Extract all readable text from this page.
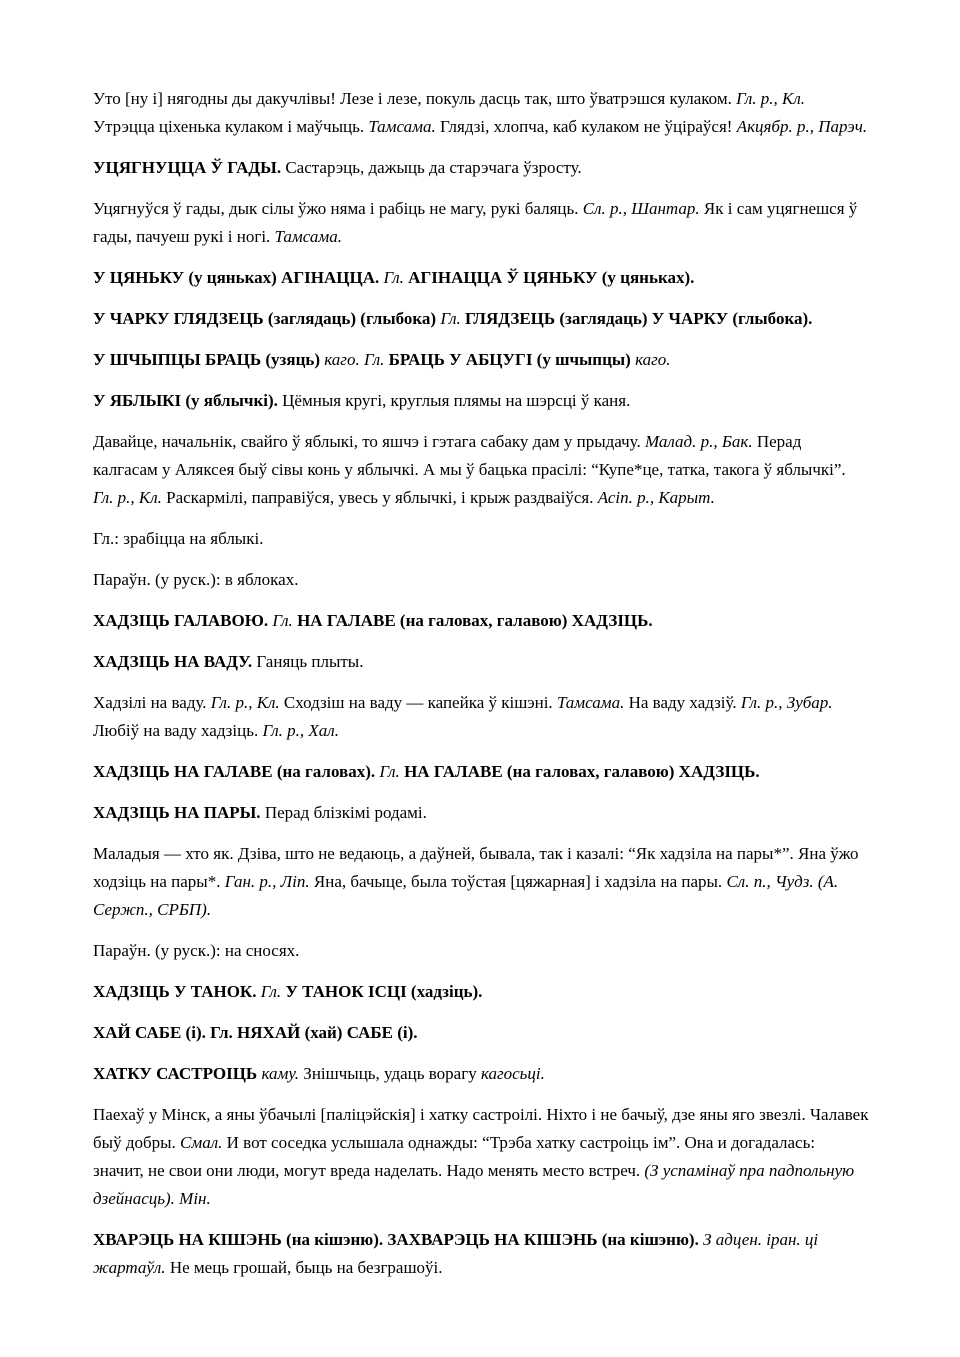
Уто [ну і] нягодны ды дакучлівы! Лезе і лезе, покуль дасць так, што ўватрэшся кулаком. Гл. р., Кл. Утрэцца ціхенька кулаком і маўчыць. Тамсама. Глядзі, хлопча, каб кулаком не ўціраўся! Акцябр. р., Парэч.

УЦЯГНУЦЦА Ў ГАДЫ. Састарэць, дажыць да старэчага ўзросту.

Уцягнуўся ў гады, дык сілы ўжо няма і рабіць не магу, рукі баляць. Сл. р., Шантар. Як і сам уцягнешся ў гады, пачуеш рукі і ногі. Тамсама.

У ЦЯНЬКУ (у цяньках) АГІНАЦЦА. Гл. АГІНАЦЦА Ў ЦЯНЬКУ (у цяньках).

У ЧАРКУ ГЛЯДЗЕЦЬ (заглядаць) (глыбока) Гл. ГЛЯДЗЕЦЬ (заглядаць) У ЧАРКУ (глыбока).

У ШЧЫПЦЫ БРАЦЬ (узяць) каго. Гл. БРАЦЬ У АБЦУГІ (у шчыпцы) каго.

У ЯБЛЫКІ (у яблычкі). Цёмныя кругі, круглыя плямы на шэрсці ў каня.

Давайце, начальнік, свайго ў яблыкі, то яшчэ і гэтага сабаку дам у прыдачу. Малад. р., Бак. Перад калгасам у Аляксея быў сівы конь у яблычкі. А мы ў бацька прасілі: “Купе*це, татка, такога ў яблычкі”. Гл. р., Кл. Раскармілі, паправіўся, увесь у яблычкі, і крыж раздваіўся. Асіп. р., Карыт.

Гл.: зрабіцца на яблыкі.

Параўн. (у руск.): в яблоках.

ХАДЗІЦЬ ГАЛАВОЮ. Гл. НА ГАЛАВЕ (на галовах, галавою) ХАДЗІЦЬ.

ХАДЗІЦЬ НА ВАДУ. Ганяць плыты.

Хадзілі на ваду. Гл. р., Кл. Сходзіш на ваду — капейка ў кішэні. Тамсама. На ваду хадзіў. Гл. р., Зубар. Любіў на ваду хадзіць. Гл. р., Хал.

ХАДЗІЦЬ НА ГАЛАВЕ (на галовах). Гл. НА ГАЛАВЕ (на галовах, галавою) ХАДЗІЦЬ.

ХАДЗІЦЬ НА ПАРЫ. Перад блізкімі родамі.

Маладыя — хто як. Дзіва, што не ведаюць, а даўней, бывала, так і казалі: “Як хадзіла на пары*”. Яна ўжо ходзіць на пары*. Ган. р., Ліп. Яна, бачыце, была тоўстая [цяжарная] і хадзіла на пары. Сл. п., Чудз. (А. Сержп., СРБП).

Параўн. (у руск.): на сносях.

ХАДЗІЦЬ У ТАНОК. Гл. У ТАНОК ІСЦІ (хадзіць).

ХАЙ САБЕ (і). Гл. НЯХАЙ (хай) САБЕ (і).

ХАТКУ САСТРОІЦЬ каму. Знішчыць, удаць ворагу кагосьці.

Паехаў у Мінск, а яны ўбачылі [паліцэйскія] і хатку састроілі. Ніхто і не бачыў, дзе яны яго звезлі. Чалавек быў добры. Смал. И вот соседка услышала однажды: “Трэба хатку састроіць ім”. Она и догадалась: значит, не свои они люди, могут вреда наделать. Надо менять место встреч. (З успамінаў пра падпольную дзейнасць). Мін.

ХВАРЭЦЬ НА КІШЭНЬ (на кішэню). ЗАХВАРЭЦЬ НА КІШЭНЬ (на кішэню). З адцен. іран. ці жартаўл. Не мець грошай, быць на безграшоўі.
